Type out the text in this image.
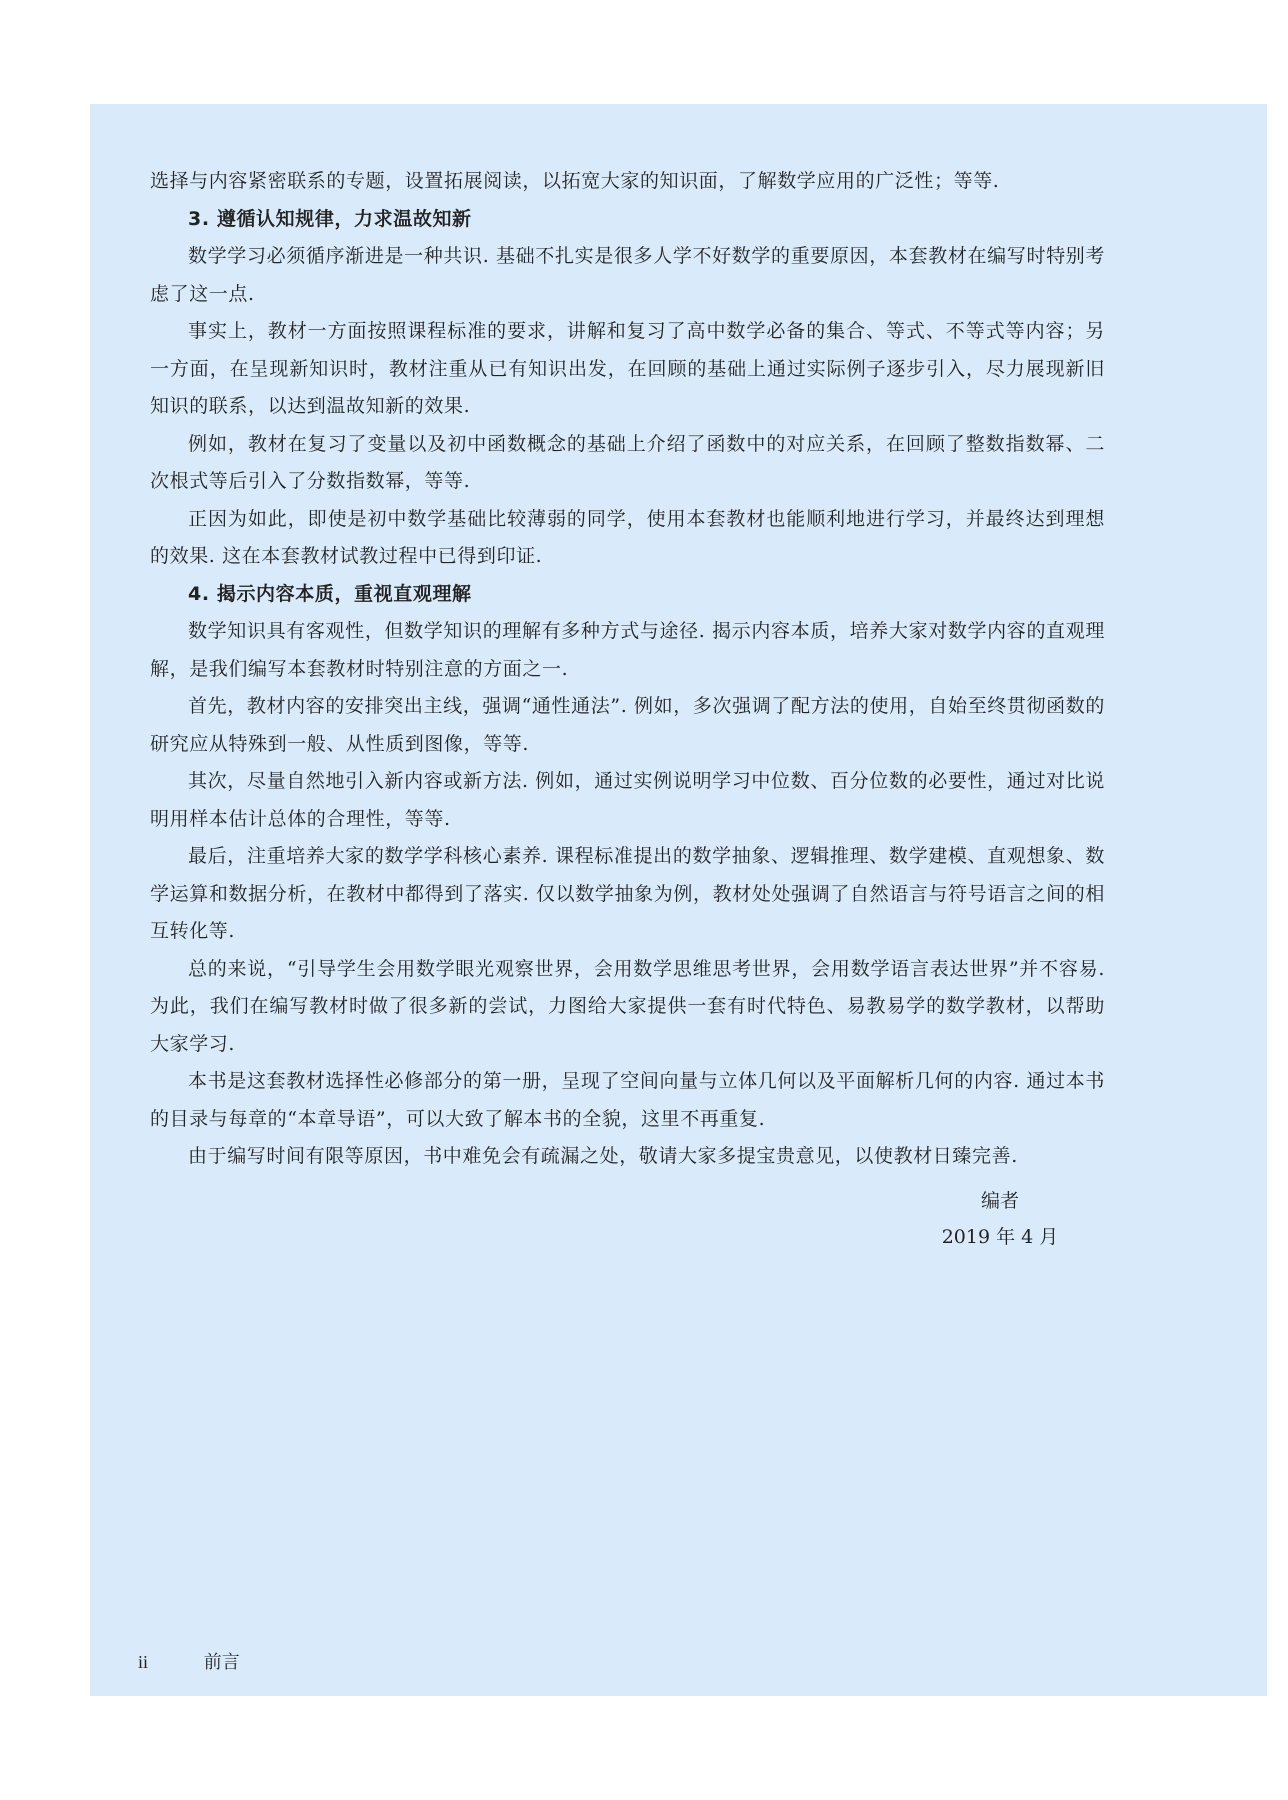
选择与内容紧密联系的专题，设置拓展阅读，以拓宽大家的知识面，了解数学应用的广泛性；等等.

3. 遵循认知规律，力求温故知新

数学学习必须循序渐进是一种共识. 基础不扎实是很多人学不好数学的重要原因，本套教材在编写时特别考虑了这一点.

事实上，教材一方面按照课程标准的要求，讲解和复习了高中数学必备的集合、等式、不等式等内容；另一方面，在呈现新知识时，教材注重从已有知识出发，在回顾的基础上通过实际例子逐步引入，尽力展现新旧知识的联系，以达到温故知新的效果.

例如，教材在复习了变量以及初中函数概念的基础上介绍了函数中的对应关系，在回顾了整数指数幂、二次根式等后引入了分数指数幂，等等.

正因为如此，即使是初中数学基础比较薄弱的同学，使用本套教材也能顺利地进行学习，并最终达到理想的效果. 这在本套教材试教过程中已得到印证.

4. 揭示内容本质，重视直观理解

数学知识具有客观性，但数学知识的理解有多种方式与途径. 揭示内容本质，培养大家对数学内容的直观理解，是我们编写本套教材时特别注意的方面之一.

首先，教材内容的安排突出主线，强调“通性通法”. 例如，多次强调了配方法的使用，自始至终贯彻函数的研究应从特殊到一般、从性质到图像，等等.

其次，尽量自然地引入新内容或新方法. 例如，通过实例说明学习中位数、百分位数的必要性，通过对比说明用样本估计总体的合理性，等等.

最后，注重培养大家的数学学科核心素养. 课程标准提出的数学抽象、逻辑推理、数学建模、直观想象、数学运算和数据分析，在教材中都得到了落实. 仅以数学抽象为例，教材处处强调了自然语言与符号语言之间的相互转化等.

总的来说，“引导学生会用数学眼光观察世界，会用数学思维思考世界，会用数学语言表达世界”并不容易. 为此，我们在编写教材时做了很多新的尝试，力图给大家提供一套有时代特色、易教易学的数学教材，以帮助大家学习.

本书是这套教材选择性必修部分的第一册，呈现了空间向量与立体几何以及平面解析几何的内容. 通过本书的目录与每章的“本章导语”，可以大致了解本书的全貌，这里不再重复.

由于编写时间有限等原因，书中难免会有疏漏之处，敬请大家多提宝贵意见，以使教材日臻完善.

编者
2019 年 4 月
ii	前言
